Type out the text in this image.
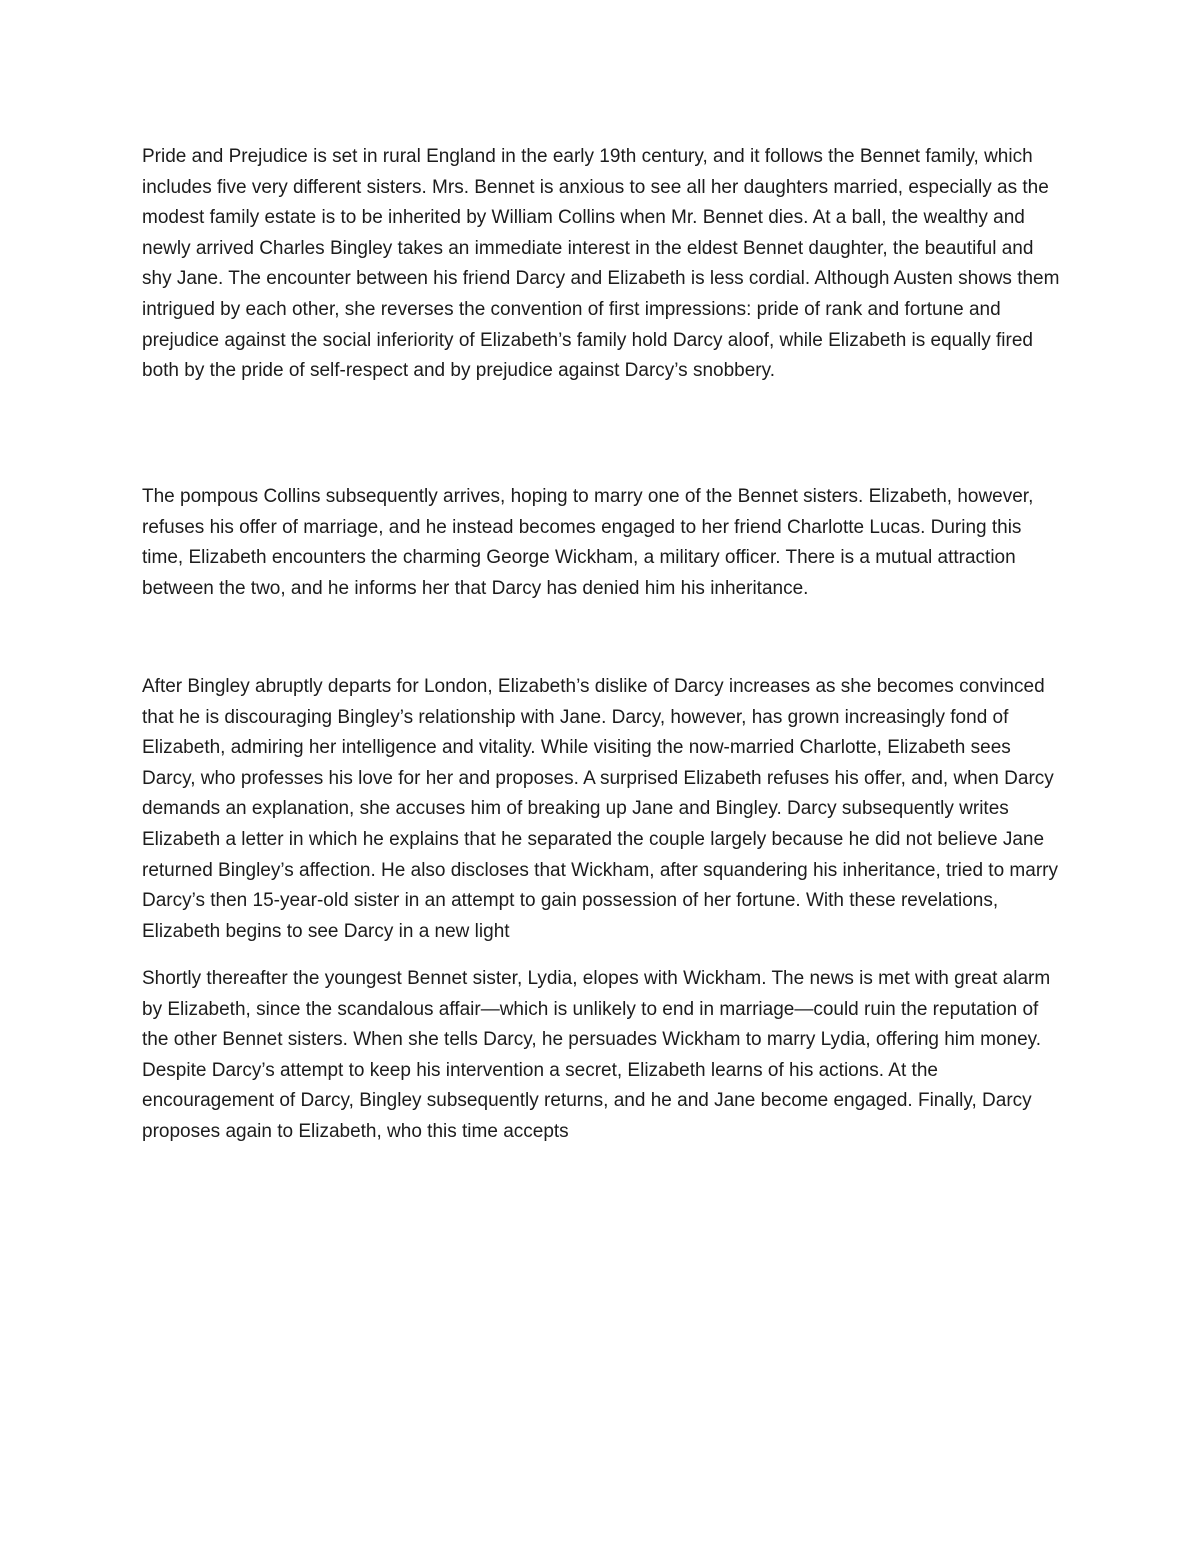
Pride and Prejudice is set in rural England in the early 19th century, and it follows the Bennet family, which includes five very different sisters. Mrs. Bennet is anxious to see all her daughters married, especially as the modest family estate is to be inherited by William Collins when Mr. Bennet dies. At a ball, the wealthy and newly arrived Charles Bingley takes an immediate interest in the eldest Bennet daughter, the beautiful and shy Jane. The encounter between his friend Darcy and Elizabeth is less cordial. Although Austen shows them intrigued by each other, she reverses the convention of first impressions: pride of rank and fortune and prejudice against the social inferiority of Elizabeth’s family hold Darcy aloof, while Elizabeth is equally fired both by the pride of self-respect and by prejudice against Darcy’s snobbery.

The pompous Collins subsequently arrives, hoping to marry one of the Bennet sisters. Elizabeth, however, refuses his offer of marriage, and he instead becomes engaged to her friend Charlotte Lucas. During this time, Elizabeth encounters the charming George Wickham, a military officer. There is a mutual attraction between the two, and he informs her that Darcy has denied him his inheritance.

After Bingley abruptly departs for London, Elizabeth’s dislike of Darcy increases as she becomes convinced that he is discouraging Bingley’s relationship with Jane. Darcy, however, has grown increasingly fond of Elizabeth, admiring her intelligence and vitality. While visiting the now-married Charlotte, Elizabeth sees Darcy, who professes his love for her and proposes. A surprised Elizabeth refuses his offer, and, when Darcy demands an explanation, she accuses him of breaking up Jane and Bingley. Darcy subsequently writes Elizabeth a letter in which he explains that he separated the couple largely because he did not believe Jane returned Bingley’s affection. He also discloses that Wickham, after squandering his inheritance, tried to marry Darcy’s then 15-year-old sister in an attempt to gain possession of her fortune. With these revelations, Elizabeth begins to see Darcy in a new light

Shortly thereafter the youngest Bennet sister, Lydia, elopes with Wickham. The news is met with great alarm by Elizabeth, since the scandalous affair—which is unlikely to end in marriage—could ruin the reputation of the other Bennet sisters. When she tells Darcy, he persuades Wickham to marry Lydia, offering him money. Despite Darcy’s attempt to keep his intervention a secret, Elizabeth learns of his actions. At the encouragement of Darcy, Bingley subsequently returns, and he and Jane become engaged. Finally, Darcy proposes again to Elizabeth, who this time accepts
